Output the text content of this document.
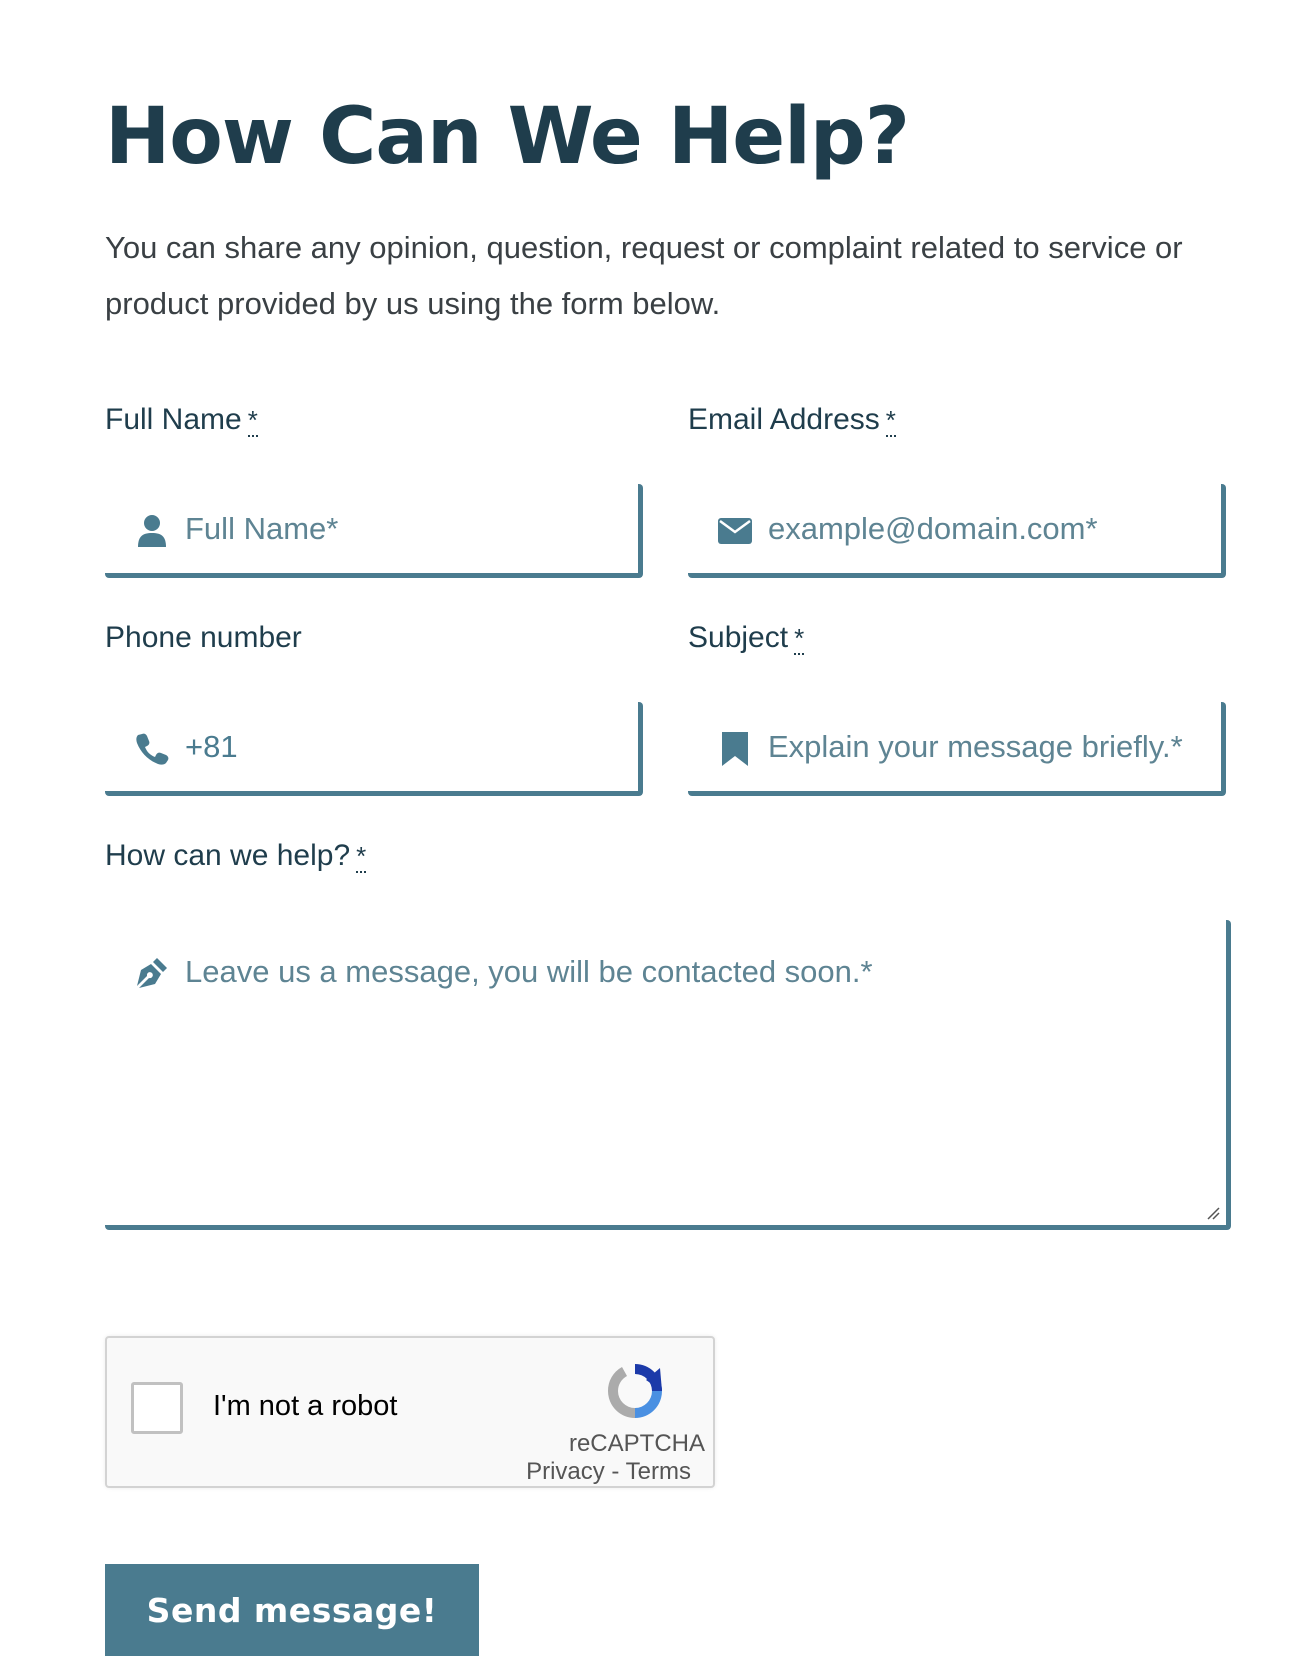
How Can We Help?

You can share any opinion, question, request or complaint related to service or product provided by us using the form below.

Full Name *
Full Name*	Email Address *
example@domain.com*
Phone number
+81	Subject *
Explain your message briefly.*
How can we help? *
Leave us a message, you will be contacted soon.*
I'm not a robot
reCAPTCHA
Privacy - Terms
Send message!
